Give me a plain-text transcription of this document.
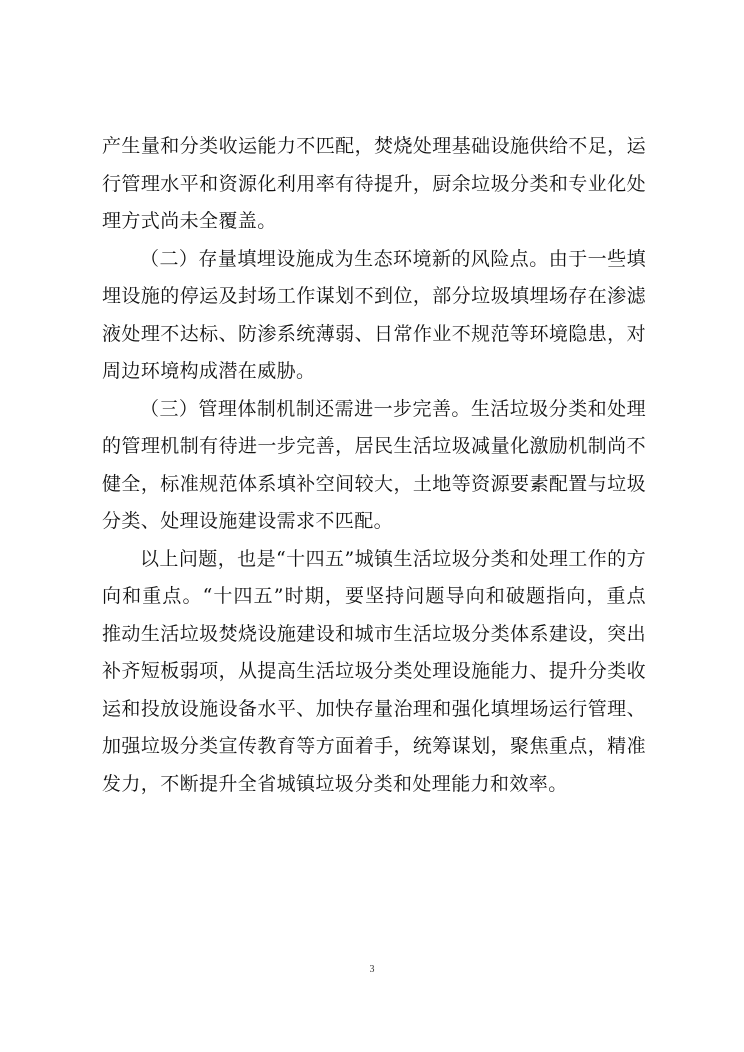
产生量和分类收运能力不匹配，焚烧处理基础设施供给不足，运行管理水平和资源化利用率有待提升，厨余垃圾分类和专业化处理方式尚未全覆盖。

（二）存量填埋设施成为生态环境新的风险点。由于一些填埋设施的停运及封场工作谋划不到位，部分垃圾填埋场存在渗滤液处理不达标、防渗系统薄弱、日常作业不规范等环境隐患，对周边环境构成潜在威胁。

（三）管理体制机制还需进一步完善。生活垃圾分类和处理的管理机制有待进一步完善，居民生活垃圾减量化激励机制尚不健全，标准规范体系填补空间较大，土地等资源要素配置与垃圾分类、处理设施建设需求不匹配。

以上问题，也是“十四五”城镇生活垃圾分类和处理工作的方向和重点。“十四五”时期，要坚持问题导向和破题指向，重点推动生活垃圾焚烧设施建设和城市生活垃圾分类体系建设，突出补齐短板弱项，从提高生活垃圾分类处理设施能力、提升分类收运和投放设施设备水平、加快存量治理和强化填埋场运行管理、加强垃圾分类宣传教育等方面着手，统筹谋划，聚焦重点，精准发力，不断提升全省城镇垃圾分类和处理能力和效率。

3
